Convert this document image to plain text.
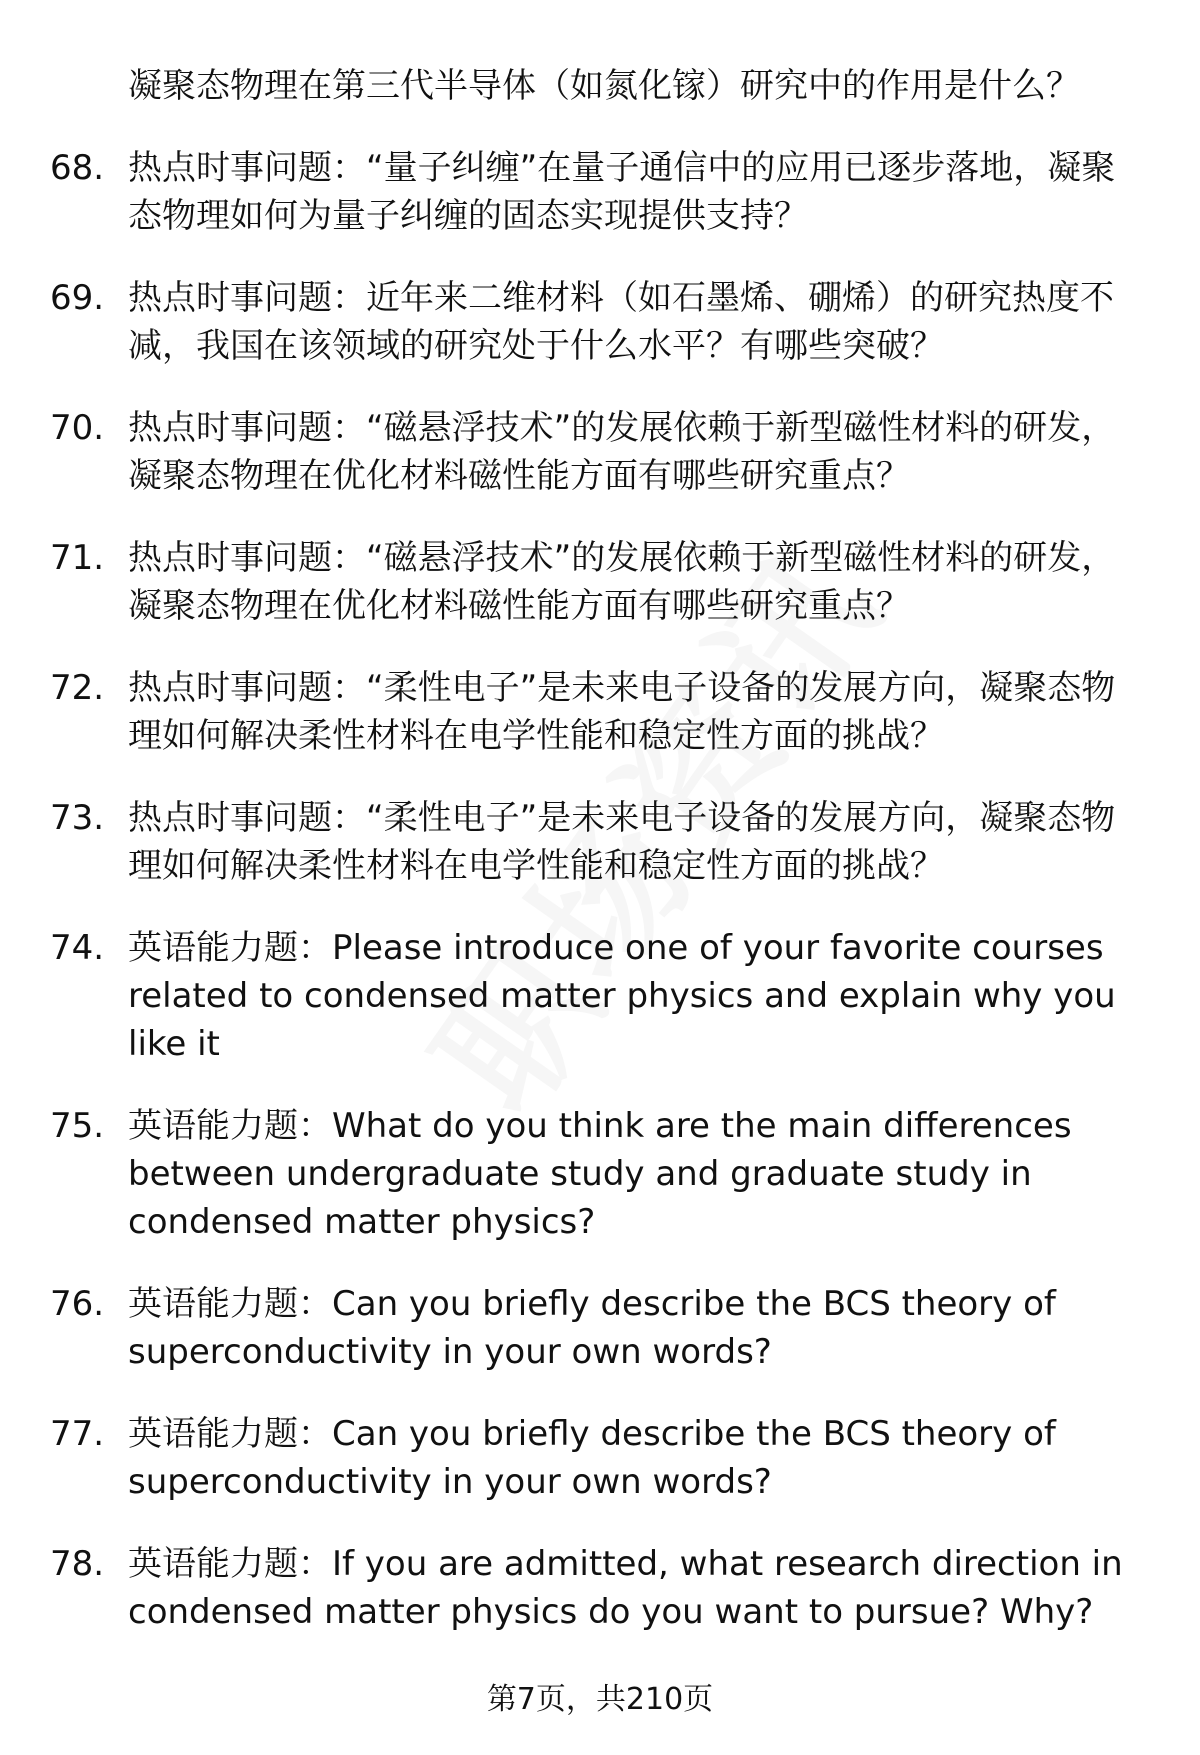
凝聚态物理在第三代半导体（如氮化镓）研究中的作用是什么？
68. 热点时事问题：“量子纠缠”在量子通信中的应用已逐步落地，凝聚态物理如何为量子纠缠的固态实现提供支持？
69. 热点时事问题：近年来二维材料（如石墨烯、硼烯）的研究热度不减，我国在该领域的研究处于什么水平？有哪些突破？
70. 热点时事问题：“磁悬浮技术”的发展依赖于新型磁性材料的研发，凝聚态物理在优化材料磁性能方面有哪些研究重点？
71. 热点时事问题：“磁悬浮技术”的发展依赖于新型磁性材料的研发，凝聚态物理在优化材料磁性能方面有哪些研究重点？
72. 热点时事问题：“柔性电子”是未来电子设备的发展方向，凝聚态物理如何解决柔性材料在电学性能和稳定性方面的挑战？
73. 热点时事问题：“柔性电子”是未来电子设备的发展方向，凝聚态物理如何解决柔性材料在电学性能和稳定性方面的挑战？
74. 英语能力题：Please introduce one of your favorite courses related to condensed matter physics and explain why you like it
75. 英语能力题：What do you think are the main differences between undergraduate study and graduate study in condensed matter physics?
76. 英语能力题：Can you briefly describe the BCS theory of superconductivity in your own words?
77. 英语能力题：Can you briefly describe the BCS theory of superconductivity in your own words?
78. 英语能力题：If you are admitted, what research direction in condensed matter physics do you want to pursue? Why?
第7页，共210页
